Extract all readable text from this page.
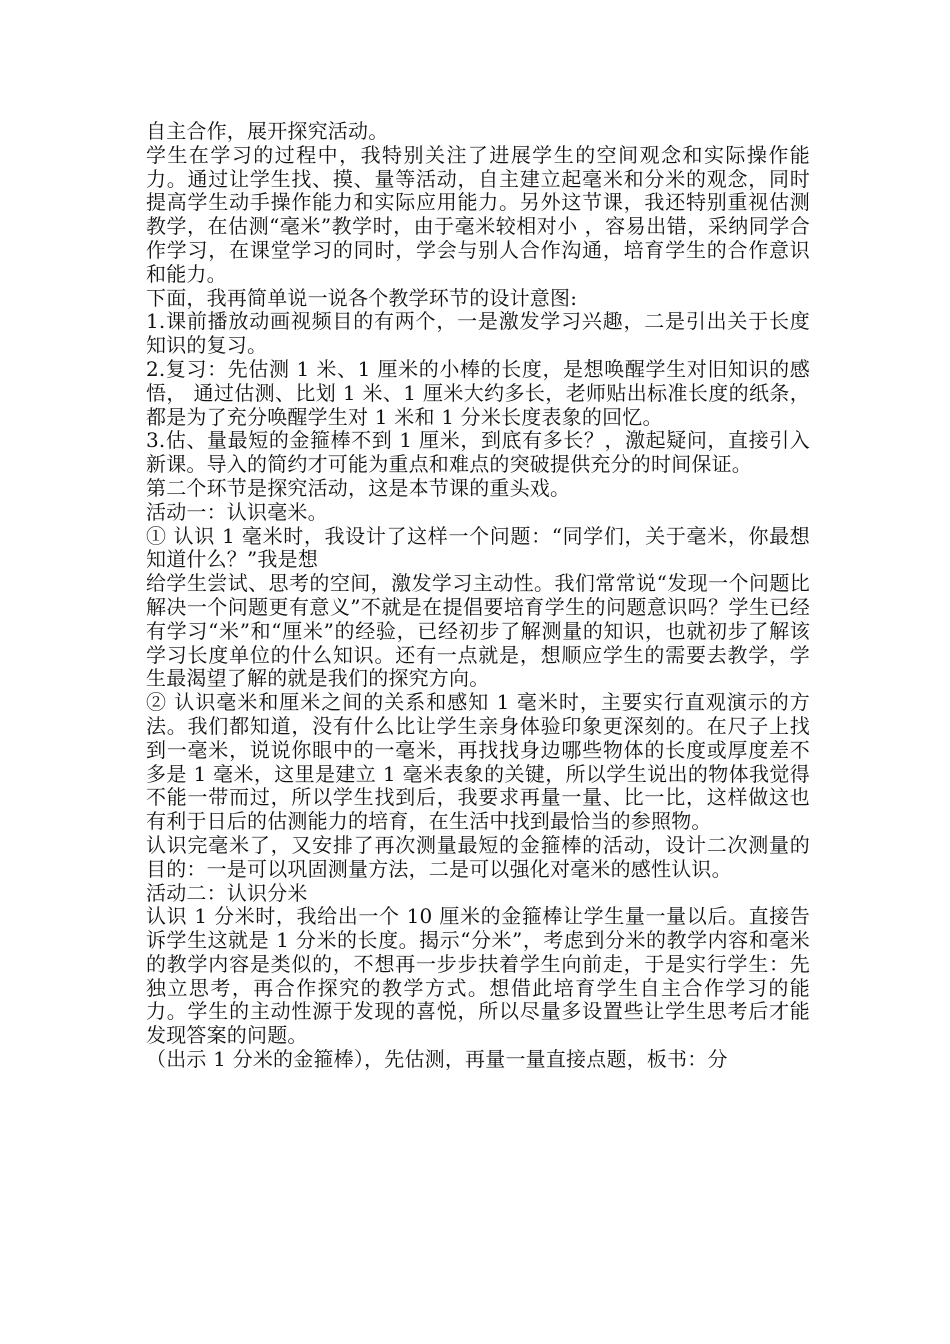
自主合作，展开探究活动。

学生在学习的过程中，我特别关注了进展学生的空间观念和实际操作能力。通过让学生找、摸、量等活动，自主建立起毫米和分米的观念，同时提高学生动手操作能力和实际应用能力。另外这节课，我还特别重视估测教学，在估测“毫米”教学时，由于毫米较相对小 ，容易出错，采纳同学合作学习，在课堂学习的同时，学会与别人合作沟通，培育学生的合作意识和能力。

下面，我再简单说一说各个教学环节的设计意图:

1.课前播放动画视频目的有两个，一是激发学习兴趣，二是引出关于长度知识的复习。

2.复习：先估测 1 米、1 厘米的小棒的长度，是想唤醒学生对旧知识的感悟， 通过估测、比划 1 米、1 厘米大约多长，老师贴出标准长度的纸条，都是为了充分唤醒学生对 1 米和 1 分米长度表象的回忆。

3.估、量最短的金箍棒不到 1 厘米，到底有多长？，激起疑问，直接引入新课。导入的简约才可能为重点和难点的突破提供充分的时间保证。

第二个环节是探究活动，这是本节课的重头戏。

活动一：认识毫米。

① 认识 1 毫米时，我设计了这样一个问题：“同学们，关于毫米，你最想知道什么？”我是想

给学生尝试、思考的空间，激发学习主动性。我们常常说“发现一个问题比解决一个问题更有意义”不就是在提倡要培育学生的问题意识吗？学生已经有学习“米”和“厘米”的经验，已经初步了解测量的知识，也就初步了解该学习长度单位的什么知识。还有一点就是，想顺应学生的需要去教学，学生最渴望了解的就是我们的探究方向。

② 认识毫米和厘米之间的关系和感知 1 毫米时，主要实行直观演示的方法。我们都知道，没有什么比让学生亲身体验印象更深刻的。在尺子上找到一毫米，说说你眼中的一毫米，再找找身边哪些物体的长度或厚度差不多是 1 毫米，这里是建立 1 毫米表象的关键，所以学生说出的物体我觉得不能一带而过，所以学生找到后，我要求再量一量、比一比，这样做这也有利于日后的估测能力的培育，在生活中找到最恰当的参照物。

认识完毫米了，又安排了再次测量最短的金箍棒的活动，设计二次测量的目的：一是可以巩固测量方法，二是可以强化对毫米的感性认识。

活动二：认识分米

认识 1 分米时，我给出一个 10 厘米的金箍棒让学生量一量以后。直接告诉学生这就是 1 分米的长度。揭示“分米”，考虑到分米的教学内容和毫米的教学内容是类似的，不想再一步步扶着学生向前走，于是实行学生：先独立思考，再合作探究的教学方式。想借此培育学生自主合作学习的能力。学生的主动性源于发现的喜悦，所以尽量多设置些让学生思考后才能发现答案的问题。

（出示 1 分米的金箍棒），先估测，再量一量直接点题，板书：分
